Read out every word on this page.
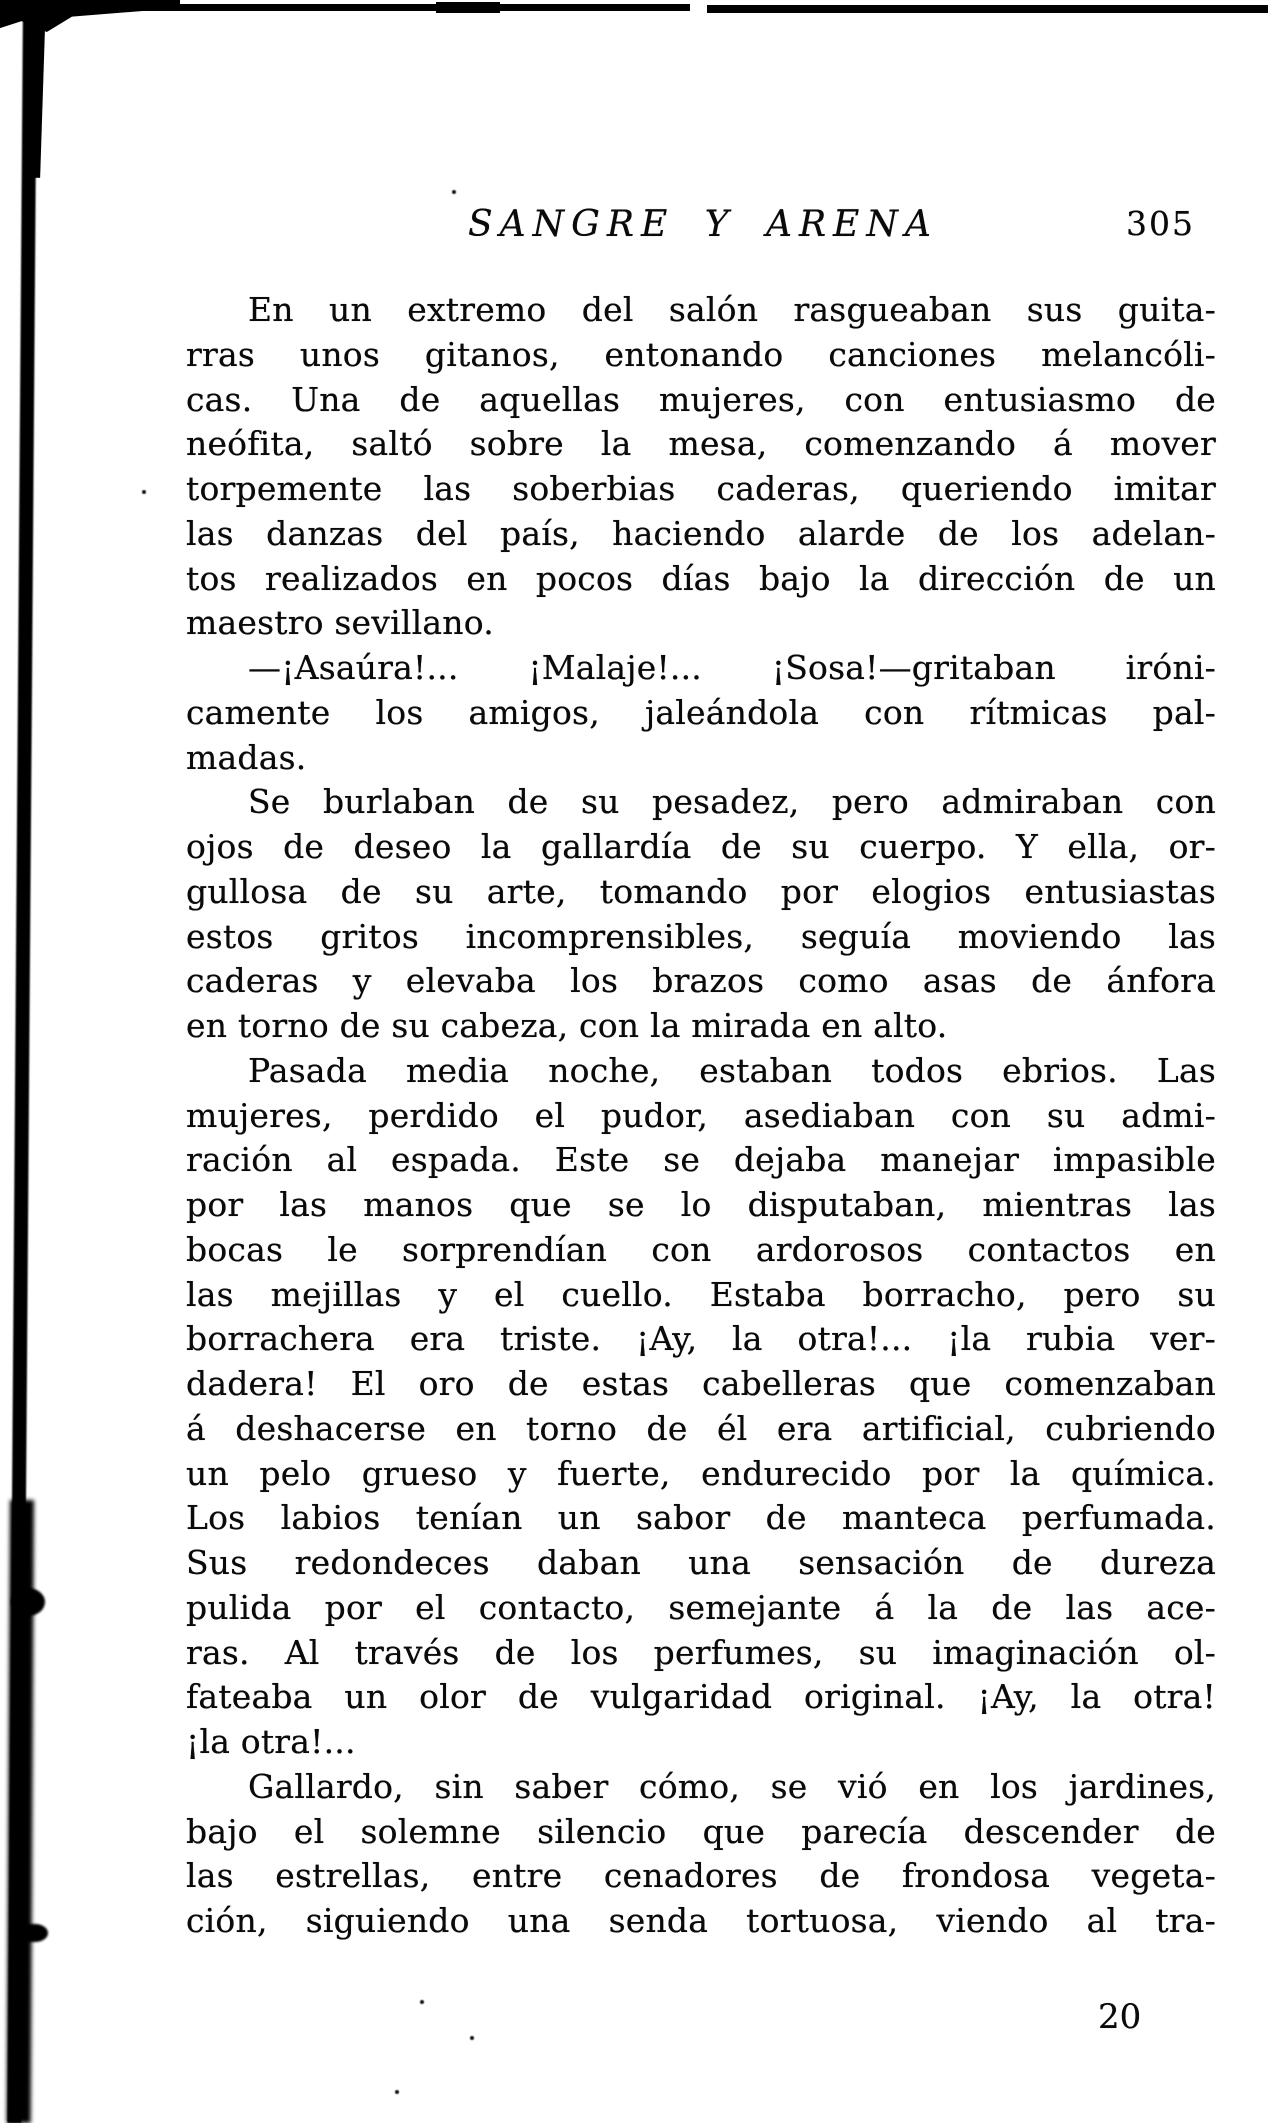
SANGRE Y ARENA	305
En un extremo del salón rasgueaban sus guita-
rras unos gitanos, entonando canciones melancóli-
cas. Una de aquellas mujeres, con entusiasmo de
neófita, saltó sobre la mesa, comenzando á mover
torpemente las soberbias caderas, queriendo imitar
las danzas del país, haciendo alarde de los adelan-
tos realizados en pocos días bajo la dirección de un
maestro sevillano.
—¡Asaúra!... ¡Malaje!... ¡Sosa!—gritaban iróni-
camente los amigos, jaleándola con rítmicas pal-
madas.
Se burlaban de su pesadez, pero admiraban con
ojos de deseo la gallardía de su cuerpo. Y ella, or-
gullosa de su arte, tomando por elogios entusiastas
estos gritos incomprensibles, seguía moviendo las
caderas y elevaba los brazos como asas de ánfora
en torno de su cabeza, con la mirada en alto.
Pasada media noche, estaban todos ebrios. Las
mujeres, perdido el pudor, asediaban con su admi-
ración al espada. Este se dejaba manejar impasible
por las manos que se lo disputaban, mientras las
bocas le sorprendían con ardorosos contactos en
las mejillas y el cuello. Estaba borracho, pero su
borrachera era triste. ¡Ay, la otra!... ¡la rubia ver-
dadera! El oro de estas cabelleras que comenzaban
á deshacerse en torno de él era artificial, cubriendo
un pelo grueso y fuerte, endurecido por la química.
Los labios tenían un sabor de manteca perfumada.
Sus redondeces daban una sensación de dureza
pulida por el contacto, semejante á la de las ace-
ras. Al través de los perfumes, su imaginación ol-
fateaba un olor de vulgaridad original. ¡Ay, la otra!
¡la otra!...
Gallardo, sin saber cómo, se vió en los jardines,
bajo el solemne silencio que parecía descender de
las estrellas, entre cenadores de frondosa vegeta-
ción, siguiendo una senda tortuosa, viendo al tra-
20
